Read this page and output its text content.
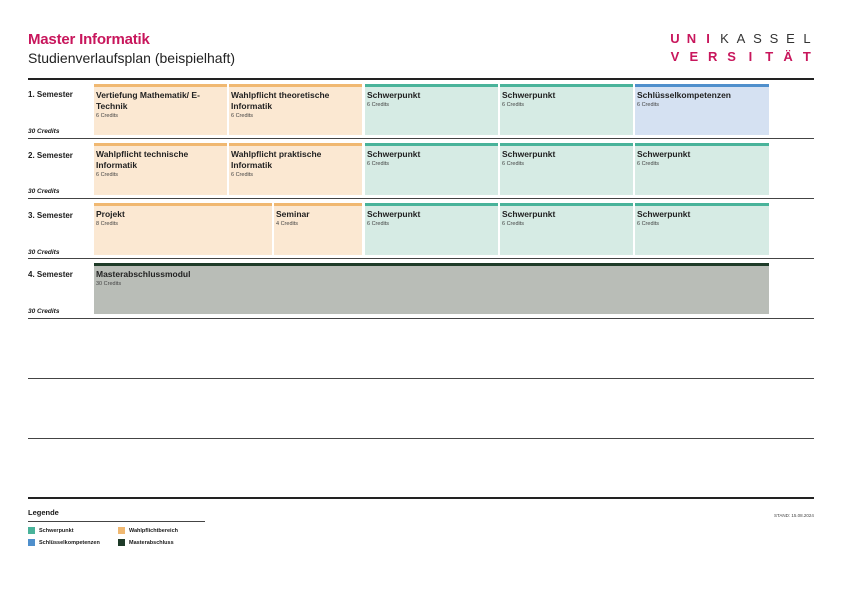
Master Informatik
Studienverlaufsplan (beispielhaft)
U N I K A S S E L
V E R S I	T Ä T
1. Semester
30 Credits
Vertiefung Mathematik/ E-Technik
6 Credits
Wahlpflicht theoretische Informatik
6 Credits
Schwerpunkt
6 Credits
Schwerpunkt
6 Credits
Schlüsselkompetenzen
6 Credits
2. Semester
30 Credits
Wahlpflicht technische Informatik
6 Credits
Wahlpflicht praktische Informatik
6 Credits
Schwerpunkt
6 Credits
Schwerpunkt
6 Credits
Schwerpunkt
6 Credits
3. Semester
30 Credits
Projekt
8 Credits
Seminar
4 Credits
Schwerpunkt
6 Credits
Schwerpunkt
6 Credits
Schwerpunkt
6 Credits
4. Semester
30 Credits
Masterabschlussmodul
30 Credits
Legende	STAND: 15.08.2024
Schwerpunkt
Schlüsselkompetenzen
Wahlpflichtbereich
Masterabschluss
